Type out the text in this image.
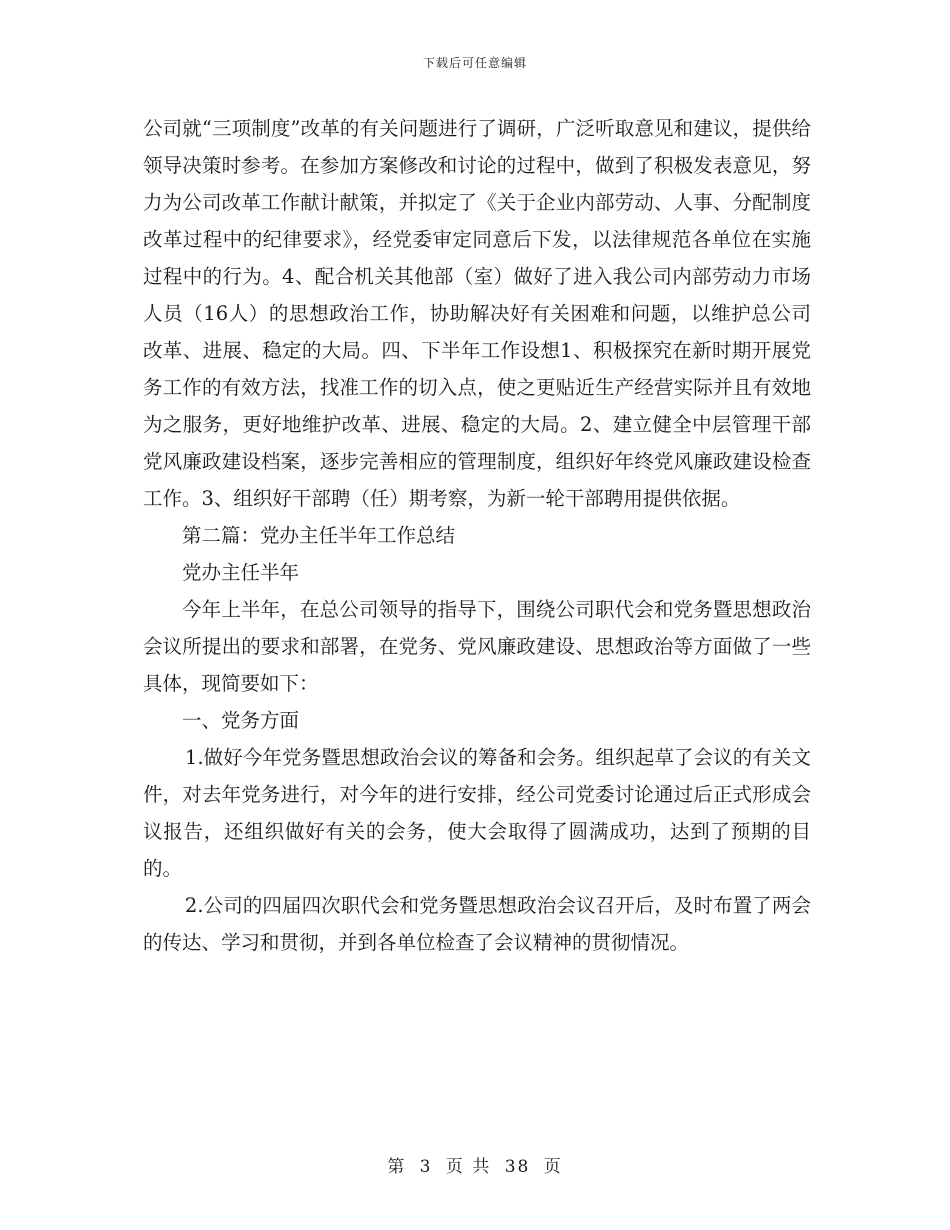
下载后可任意编辑

公司就“三项制度”改革的有关问题进行了调研，广泛听取意见和建议，提供给领导决策时参考。在参加方案修改和讨论的过程中，做到了积极发表意见，努力为公司改革工作献计献策，并拟定了《关于企业内部劳动、人事、分配制度改革过程中的纪律要求》，经党委审定同意后下发，以法律规范各单位在实施过程中的行为。4、配合机关其他部（室）做好了进入我公司内部劳动力市场人员（16人）的思想政治工作，协助解决好有关困难和问题，以维护总公司改革、进展、稳定的大局。四、下半年工作设想1、积极探究在新时期开展党务工作的有效方法，找准工作的切入点，使之更贴近生产经营实际并且有效地为之服务，更好地维护改革、进展、稳定的大局。2、建立健全中层管理干部党风廉政建设档案，逐步完善相应的管理制度，组织好年终党风廉政建设检查工作。3、组织好干部聘（任）期考察，为新一轮干部聘用提供依据。

第二篇：党办主任半年工作总结

党办主任半年

今年上半年，在总公司领导的指导下，围绕公司职代会和党务暨思想政治会议所提出的要求和部署，在党务、党风廉政建设、思想政治等方面做了一些具体，现简要如下：

一、党务方面

1.做好今年党务暨思想政治会议的筹备和会务。组织起草了会议的有关文件，对去年党务进行，对今年的进行安排，经公司党委讨论通过后正式形成会议报告，还组织做好有关的会务，使大会取得了圆满成功，达到了预期的目的。

2.公司的四届四次职代会和党务暨思想政治会议召开后，及时布置了两会的传达、学习和贯彻，并到各单位检查了会议精神的贯彻情况。

第 3 页 共 38 页
